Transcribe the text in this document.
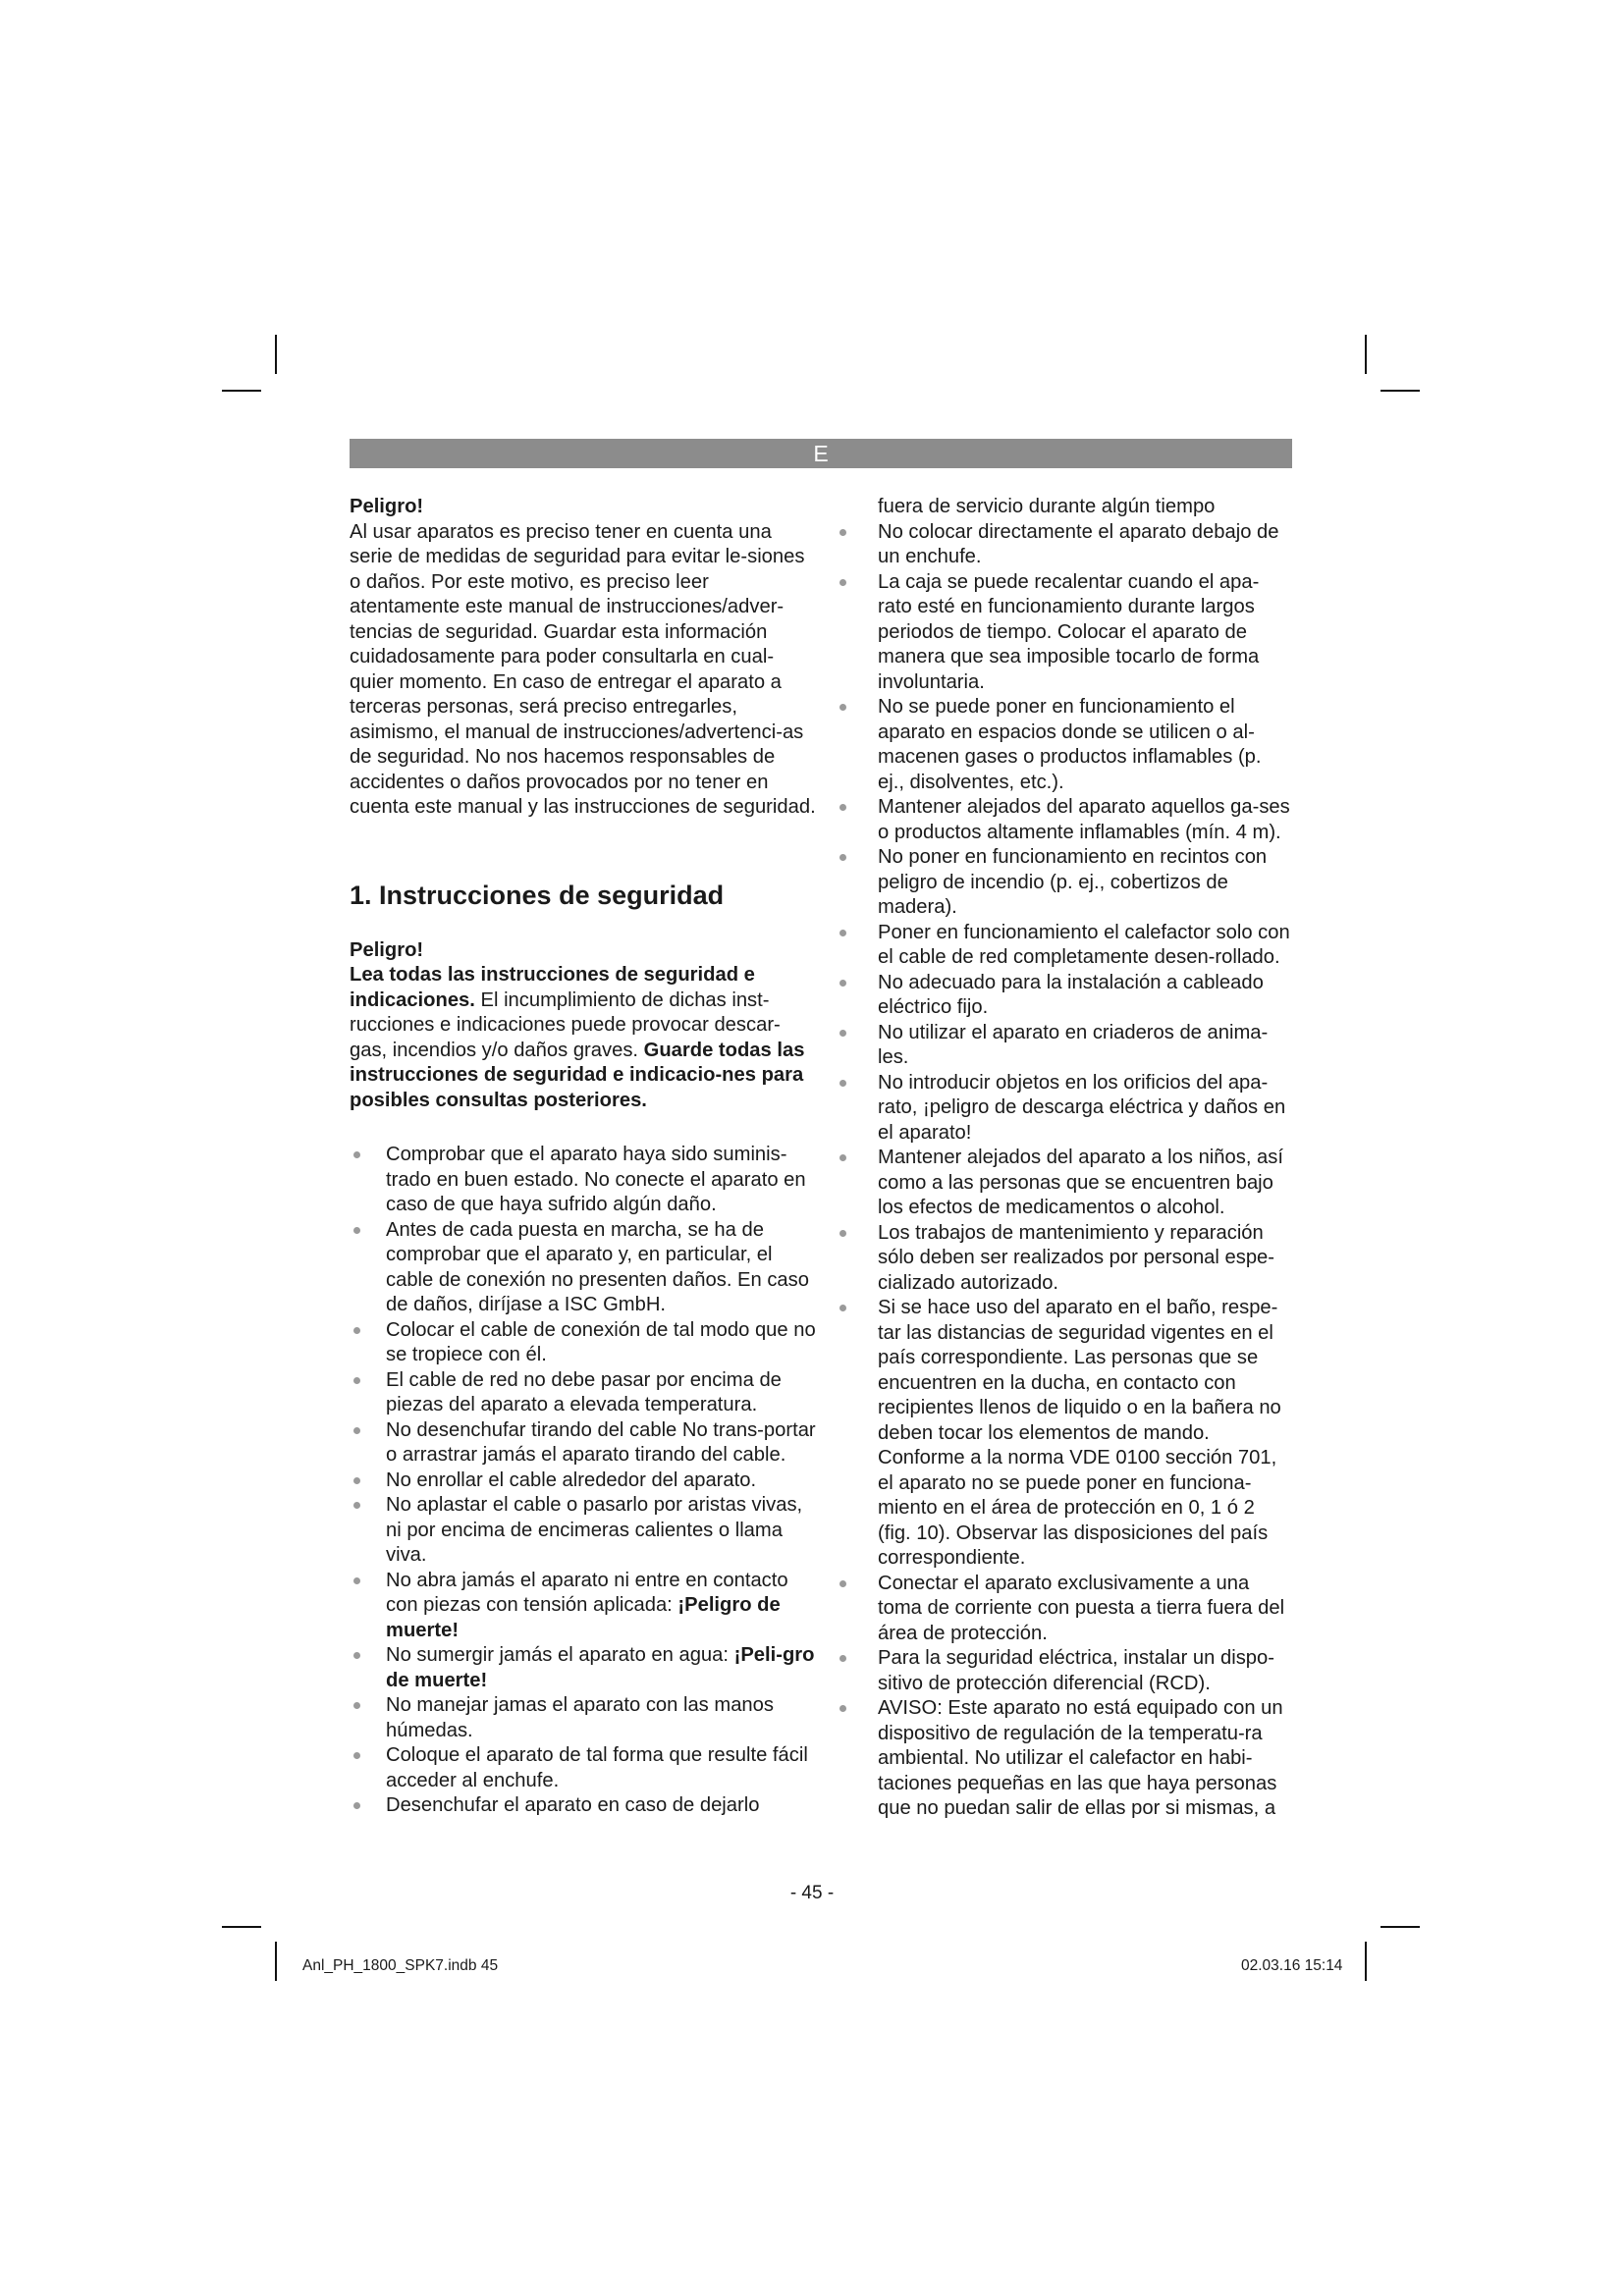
E

Peligro!

Al usar aparatos es preciso tener en cuenta una serie de medidas de seguridad para evitar le-siones o daños. Por este motivo, es preciso leer atentamente este manual de instrucciones/adver-tencias de seguridad. Guardar esta información cuidadosamente para poder consultarla en cual-quier momento. En caso de entregar el aparato a terceras personas, será preciso entregarles, asimismo, el manual de instrucciones/advertenci-as de seguridad. No nos hacemos responsables de accidentes o daños provocados por no tener en cuenta este manual y las instrucciones de seguridad.

1. Instrucciones de seguridad

Peligro!

Lea todas las instrucciones de seguridad e indicaciones. El incumplimiento de dichas inst-rucciones e indicaciones puede provocar descar-gas, incendios y/o daños graves. Guarde todas las instrucciones de seguridad e indicacio-nes para posibles consultas posteriores.

Comprobar que el aparato haya sido suminis-trado en buen estado. No conecte el aparato en caso de que haya sufrido algún daño.
Antes de cada puesta en marcha, se ha de comprobar que el aparato y, en particular, el cable de conexión no presenten daños. En caso de daños, diríjase a ISC GmbH.
Colocar el cable de conexión de tal modo que no se tropiece con él.
El cable de red no debe pasar por encima de piezas del aparato a elevada temperatura.
No desenchufar tirando del cable No trans-portar o arrastrar jamás el aparato tirando del cable.
No enrollar el cable alrededor del aparato.
No aplastar el cable o pasarlo por aristas vivas, ni por encima de encimeras calientes o llama viva.
No abra jamás el aparato ni entre en contacto con piezas con tensión aplicada: ¡Peligro de muerte!
No sumergir jamás el aparato en agua: ¡Peli-gro de muerte!
No manejar jamas el aparato con las manos húmedas.
Coloque el aparato de tal forma que resulte fácil acceder al enchufe.
Desenchufar el aparato en caso de dejarlo

fuera de servicio durante algún tiempo

No colocar directamente el aparato debajo de un enchufe.
La caja se puede recalentar cuando el apa-rato esté en funcionamiento durante largos periodos de tiempo. Colocar el aparato de manera que sea imposible tocarlo de forma involuntaria.
No se puede poner en funcionamiento el aparato en espacios donde se utilicen o al-macenen gases o productos inflamables (p. ej., disolventes, etc.).
Mantener alejados del aparato aquellos ga-ses o productos altamente inflamables (mín. 4 m).
No poner en funcionamiento en recintos con peligro de incendio (p. ej., cobertizos de madera).
Poner en funcionamiento el calefactor solo con el cable de red completamente desen-rollado.
No adecuado para la instalación a cableado eléctrico fijo.
No utilizar el aparato en criaderos de anima-les.
No introducir objetos en los orificios del apa-rato, ¡peligro de descarga eléctrica y daños en el aparato!
Mantener alejados del aparato a los niños, así como a las personas que se encuentren bajo los efectos de medicamentos o alcohol.
Los trabajos de mantenimiento y reparación sólo deben ser realizados por personal espe-cializado autorizado.
Si se hace uso del aparato en el baño, respe-tar las distancias de seguridad vigentes en el país correspondiente. Las personas que se encuentren en la ducha, en contacto con recipientes llenos de liquido o en la bañera no deben tocar los elementos de mando. Conforme a la norma VDE 0100 sección 701, el aparato no se puede poner en funciona-miento en el área de protección en 0, 1 ó 2 (fig. 10). Observar las disposiciones del país correspondiente.
Conectar el aparato exclusivamente a una toma de corriente con puesta a tierra fuera del área de protección.
Para la seguridad eléctrica, instalar un dispo-sitivo de protección diferencial (RCD).
AVISO: Este aparato no está equipado con un dispositivo de regulación de la temperatu-ra ambiental. No utilizar el calefactor en habi-taciones pequeñas en las que haya personas que no puedan salir de ellas por si mismas, a
- 45 -
Anl_PH_1800_SPK7.indb 45	02.03.16 15:14
